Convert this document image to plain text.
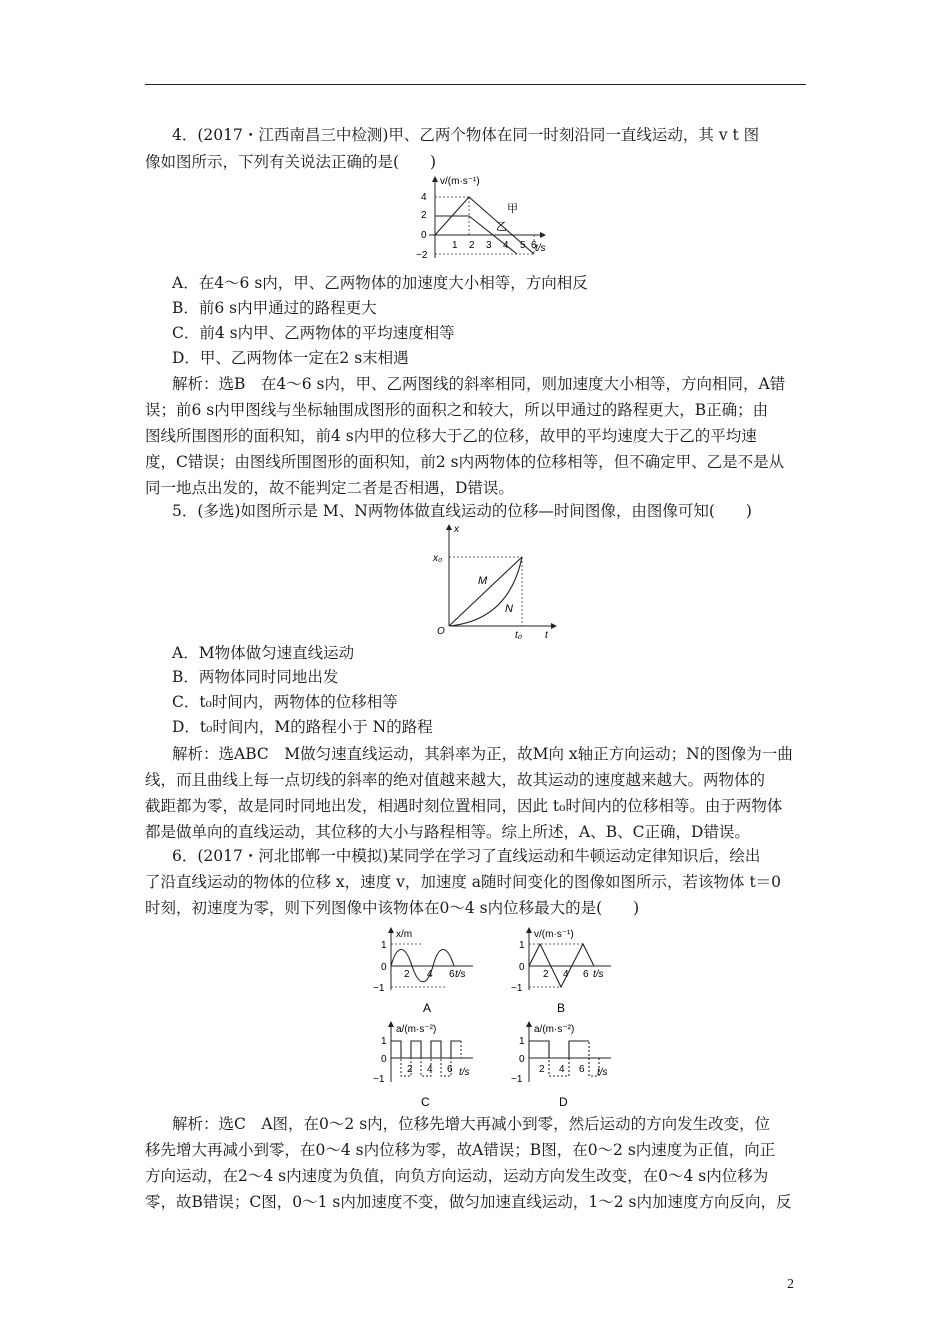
4．(2017・江西南昌三中检测)甲、乙两个物体在同一时刻沿同一直线运动，其 v t 图
像如图所示，下列有关说法正确的是(　　)
v/(m·s⁻¹)
t/s
4
2
0
−2
1 2 3 4 5 6
甲
乙
A．在4～6 s内，甲、乙两物体的加速度大小相等，方向相反
B．前6 s内甲通过的路程更大
C．前4 s内甲、乙两物体的平均速度相等
D．甲、乙两物体一定在2 s末相遇
解析：选B　在4～6 s内，甲、乙两图线的斜率相同，则加速度大小相等，方向相同，A错
误；前6 s内甲图线与坐标轴围成图形的面积之和较大，所以甲通过的路程更大，B正确；由
图线所围图形的面积知，前4 s内甲的位移大于乙的位移，故甲的平均速度大于乙的平均速
度，C错误；由图线所围图形的面积知，前2 s内两物体的位移相等，但不确定甲、乙是不是从
同一地点出发的，故不能判定二者是否相遇，D错误。
5．(多选)如图所示是 M、N两物体做直线运动的位移—时间图像，由图像可知(　　)
x
t
x₀
t₀
O
M
N
A．M物体做匀速直线运动
B．两物体同时同地出发
C．t₀时间内，两物体的位移相等
D．t₀时间内，M的路程小于 N的路程
解析：选ABC　M做匀速直线运动，其斜率为正，故M向 x轴正方向运动；N的图像为一曲
线，而且曲线上每一点切线的斜率的绝对值越来越大，故其运动的速度越来越大。两物体的
截距都为零，故是同时同地出发，相遇时刻位置相同，因此 t₀时间内的位移相等。由于两物体
都是做单向的直线运动，其位移的大小与路程相等。综上所述，A、B、C正确，D错误。
6．(2017・河北邯郸一中模拟)某同学在学习了直线运动和牛顿运动定律知识后，绘出
了沿直线运动的物体的位移 x，速度 v，加速度 a随时间变化的图像如图所示，若该物体 t＝0
时刻，初速度为零，则下列图像中该物体在0～4 s内位移最大的是(　　)
x/m
t/s
1
0
−1
2 4 6
A
v/(m·s⁻¹)
t/s
1
0
−1
2 4 6
B
a/(m·s⁻²)
t/s
1
0
−1
2 4 6
C
a/(m·s⁻²)
t/s
1
0
−1
2 4 6
D
解析：选C　A图，在0～2 s内，位移先增大再减小到零，然后运动的方向发生改变，位
移先增大再减小到零，在0～4 s内位移为零，故A错误；B图，在0～2 s内速度为正值，向正
方向运动，在2～4 s内速度为负值，向负方向运动，运动方向发生改变，在0～4 s内位移为
零，故B错误；C图，0～1 s内加速度不变，做匀加速直线运动，1～2 s内加速度方向反向，反
2
